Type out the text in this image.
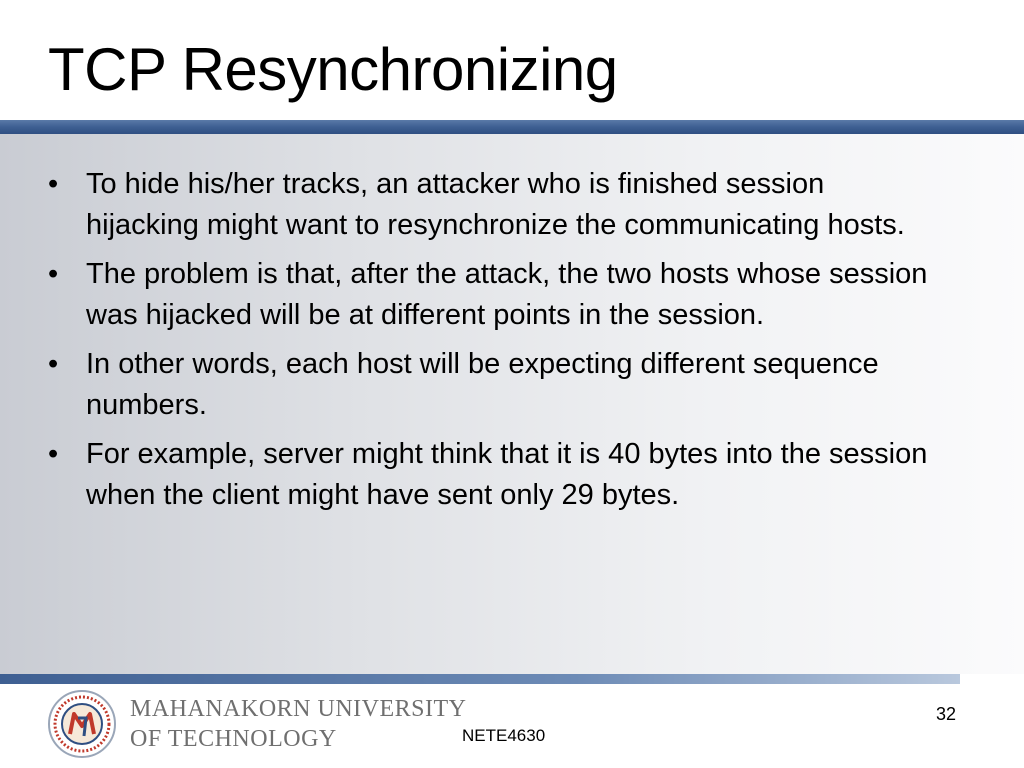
TCP Resynchronizing
• To hide his/her tracks, an attacker who is finished session hijacking might want to resynchronize the communicating hosts.
• The problem is that, after the attack, the two hosts whose session was hijacked will be at different points in the session.
• In other words, each host will be expecting different sequence numbers.
• For example, server might think that it is 40 bytes into the session when the client might have sent only 29 bytes.
MAHANAKORN UNIVERSITY
OF TECHNOLOGY	NETE4630
32
